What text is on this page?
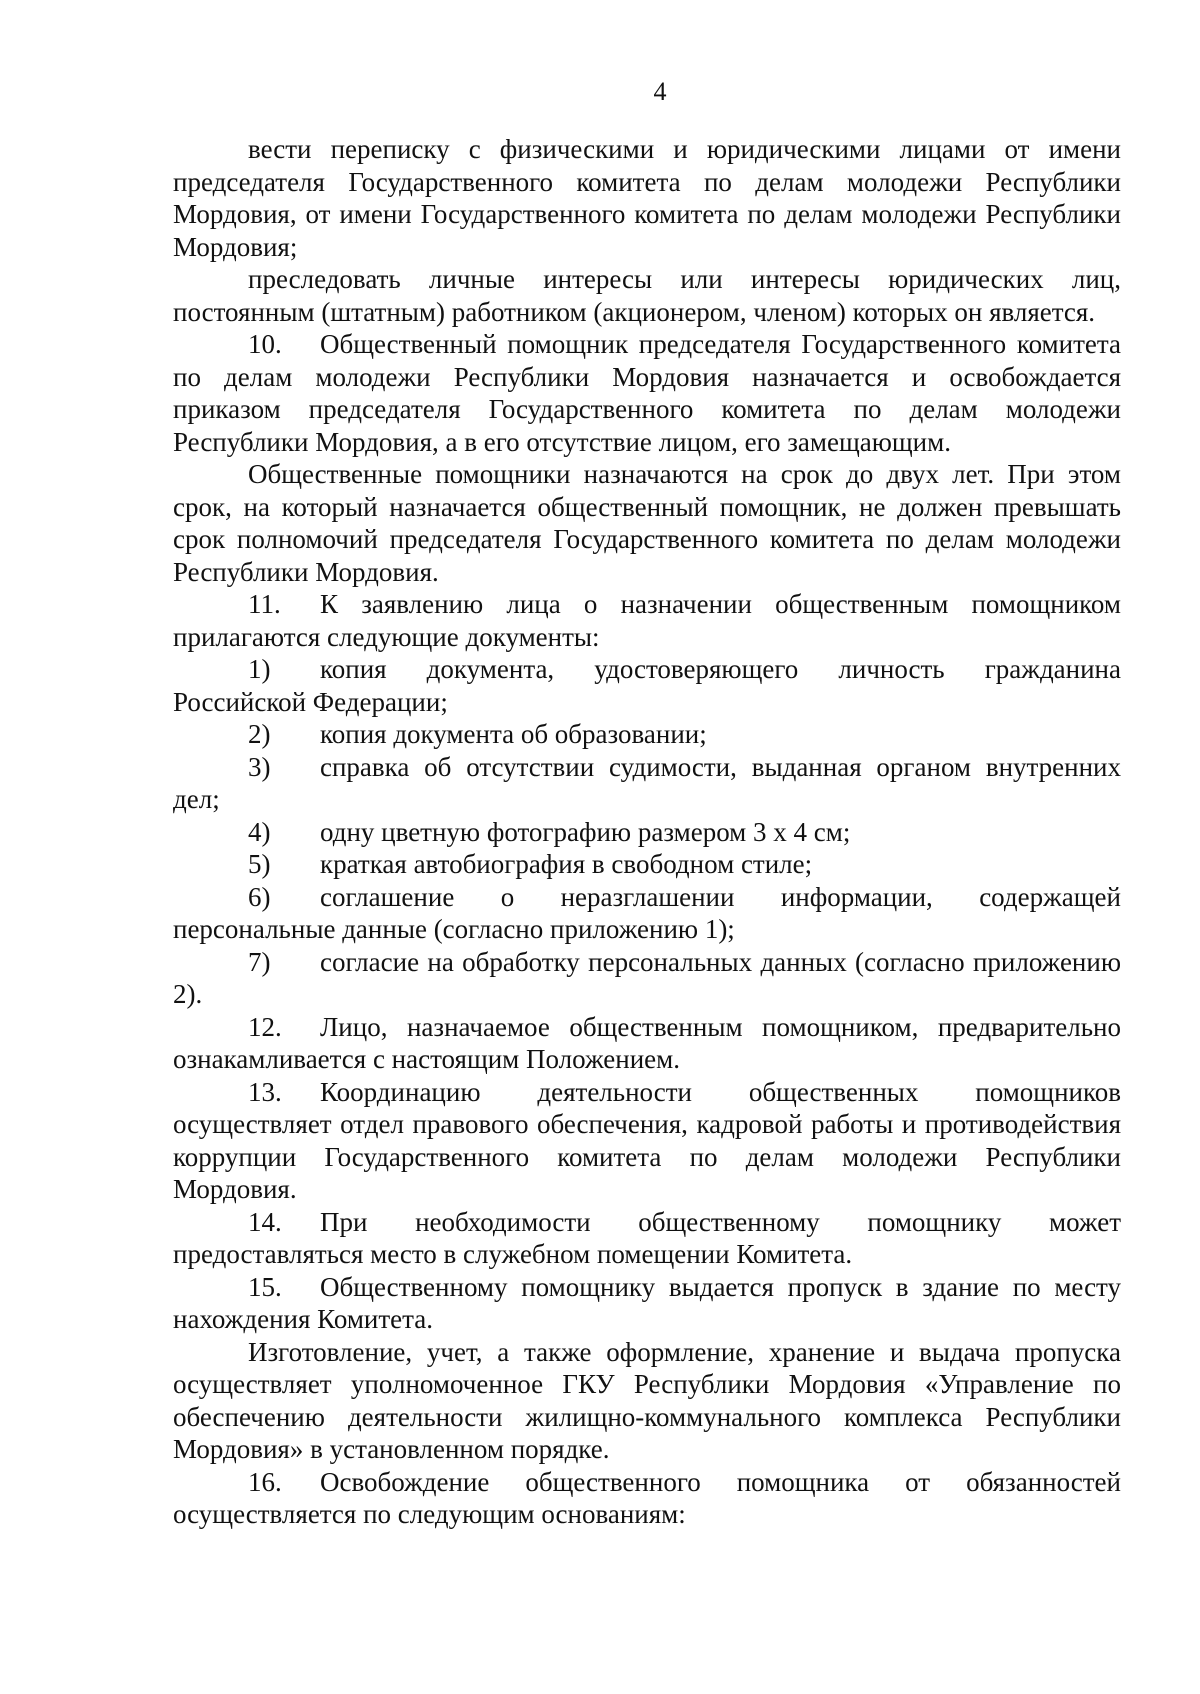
4

вести переписку с физическими и юридическими лицами от имени председателя Государственного комитета по делам молодежи Республики Мордовия, от имени Государственного комитета по делам молодежи Республики Мордовия;

преследовать личные интересы или интересы юридических лиц, постоянным (штатным) работником (акционером, членом) которых он является.

10. Общественный помощник председателя Государственного комитета по делам молодежи Республики Мордовия назначается и освобождается приказом председателя Государственного комитета по делам молодежи Республики Мордовия, а в его отсутствие лицом, его замещающим.

Общественные помощники назначаются на срок до двух лет. При этом срок, на который назначается общественный помощник, не должен превышать срок полномочий председателя Государственного комитета по делам молодежи Республики Мордовия.

11. К заявлению лица о назначении общественным помощником прилагаются следующие документы:

1) копия документа, удостоверяющего личность гражданина Российской Федерации;

2) копия документа об образовании;

3) справка об отсутствии судимости, выданная органом внутренних дел;

4) одну цветную фотографию размером 3 х 4 см;

5) краткая автобиография в свободном стиле;

6) соглашение о неразглашении информации, содержащей персональные данные (согласно приложению 1);

7) согласие на обработку персональных данных (согласно приложению 2).

12. Лицо, назначаемое общественным помощником, предварительно ознакамливается с настоящим Положением.

13. Координацию деятельности общественных помощников осуществляет отдел правового обеспечения, кадровой работы и противодействия коррупции Государственного комитета по делам молодежи Республики Мордовия.

14. При необходимости общественному помощнику может предоставляться место в служебном помещении Комитета.

15. Общественному помощнику выдается пропуск в здание по месту нахождения Комитета.

Изготовление, учет, а также оформление, хранение и выдача пропуска осуществляет уполномоченное ГКУ Республики Мордовия «Управление по обеспечению деятельности жилищно-коммунального комплекса Республики Мордовия» в установленном порядке.

16. Освобождение общественного помощника от обязанностей осуществляется по следующим основаниям:
